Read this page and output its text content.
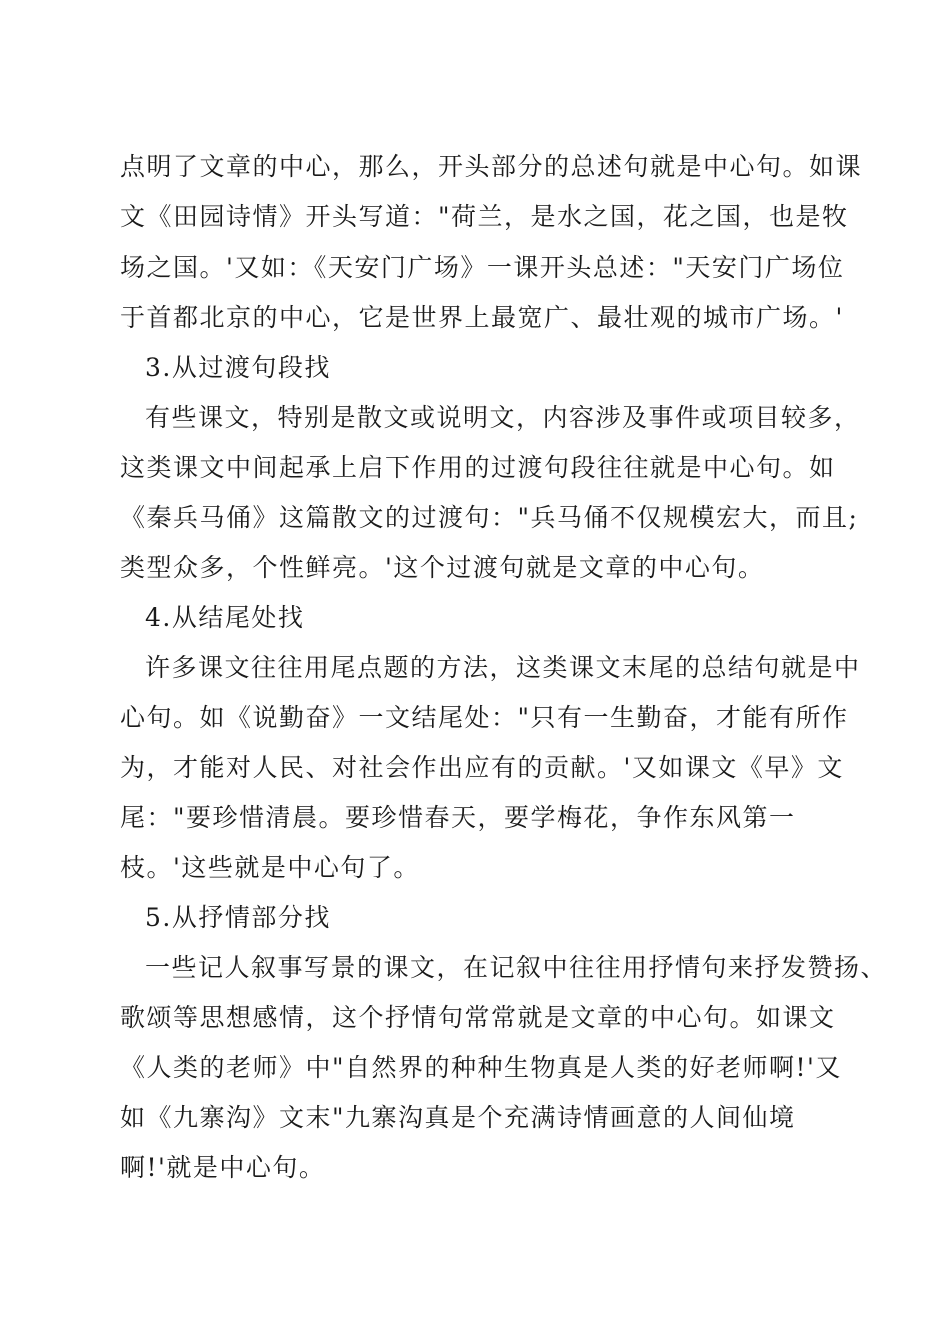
点明了文章的中心，那么，开头部分的总述句就是中心句。如课
文《田园诗情》开头写道："荷兰，是水之国，花之国，也是牧
场之国。'又如：《天安门广场》一课开头总述："天安门广场位
于首都北京的中心，它是世界上最宽广、最壮观的城市广场。'
3.从过渡句段找
有些课文，特别是散文或说明文，内容涉及事件或项目较多，
这类课文中间起承上启下作用的过渡句段往往就是中心句。如
《秦兵马俑》这篇散文的过渡句："兵马俑不仅规模宏大，而且;
类型众多，个性鲜亮。'这个过渡句就是文章的中心句。
4.从结尾处找
许多课文往往用尾点题的方法，这类课文末尾的总结句就是中
心句。如《说勤奋》一文结尾处："只有一生勤奋，才能有所作
为，才能对人民、对社会作出应有的贡献。'又如课文《早》文
尾："要珍惜清晨。要珍惜春天，要学梅花，争作东风第一
枝。'这些就是中心句了。
5.从抒情部分找
一些记人叙事写景的课文，在记叙中往往用抒情句来抒发赞扬、
歌颂等思想感情，这个抒情句常常就是文章的中心句。如课文
《人类的老师》中"自然界的种种生物真是人类的好老师啊!'又
如《九寨沟》文末"九寨沟真是个充满诗情画意的人间仙境
啊!'就是中心句。
